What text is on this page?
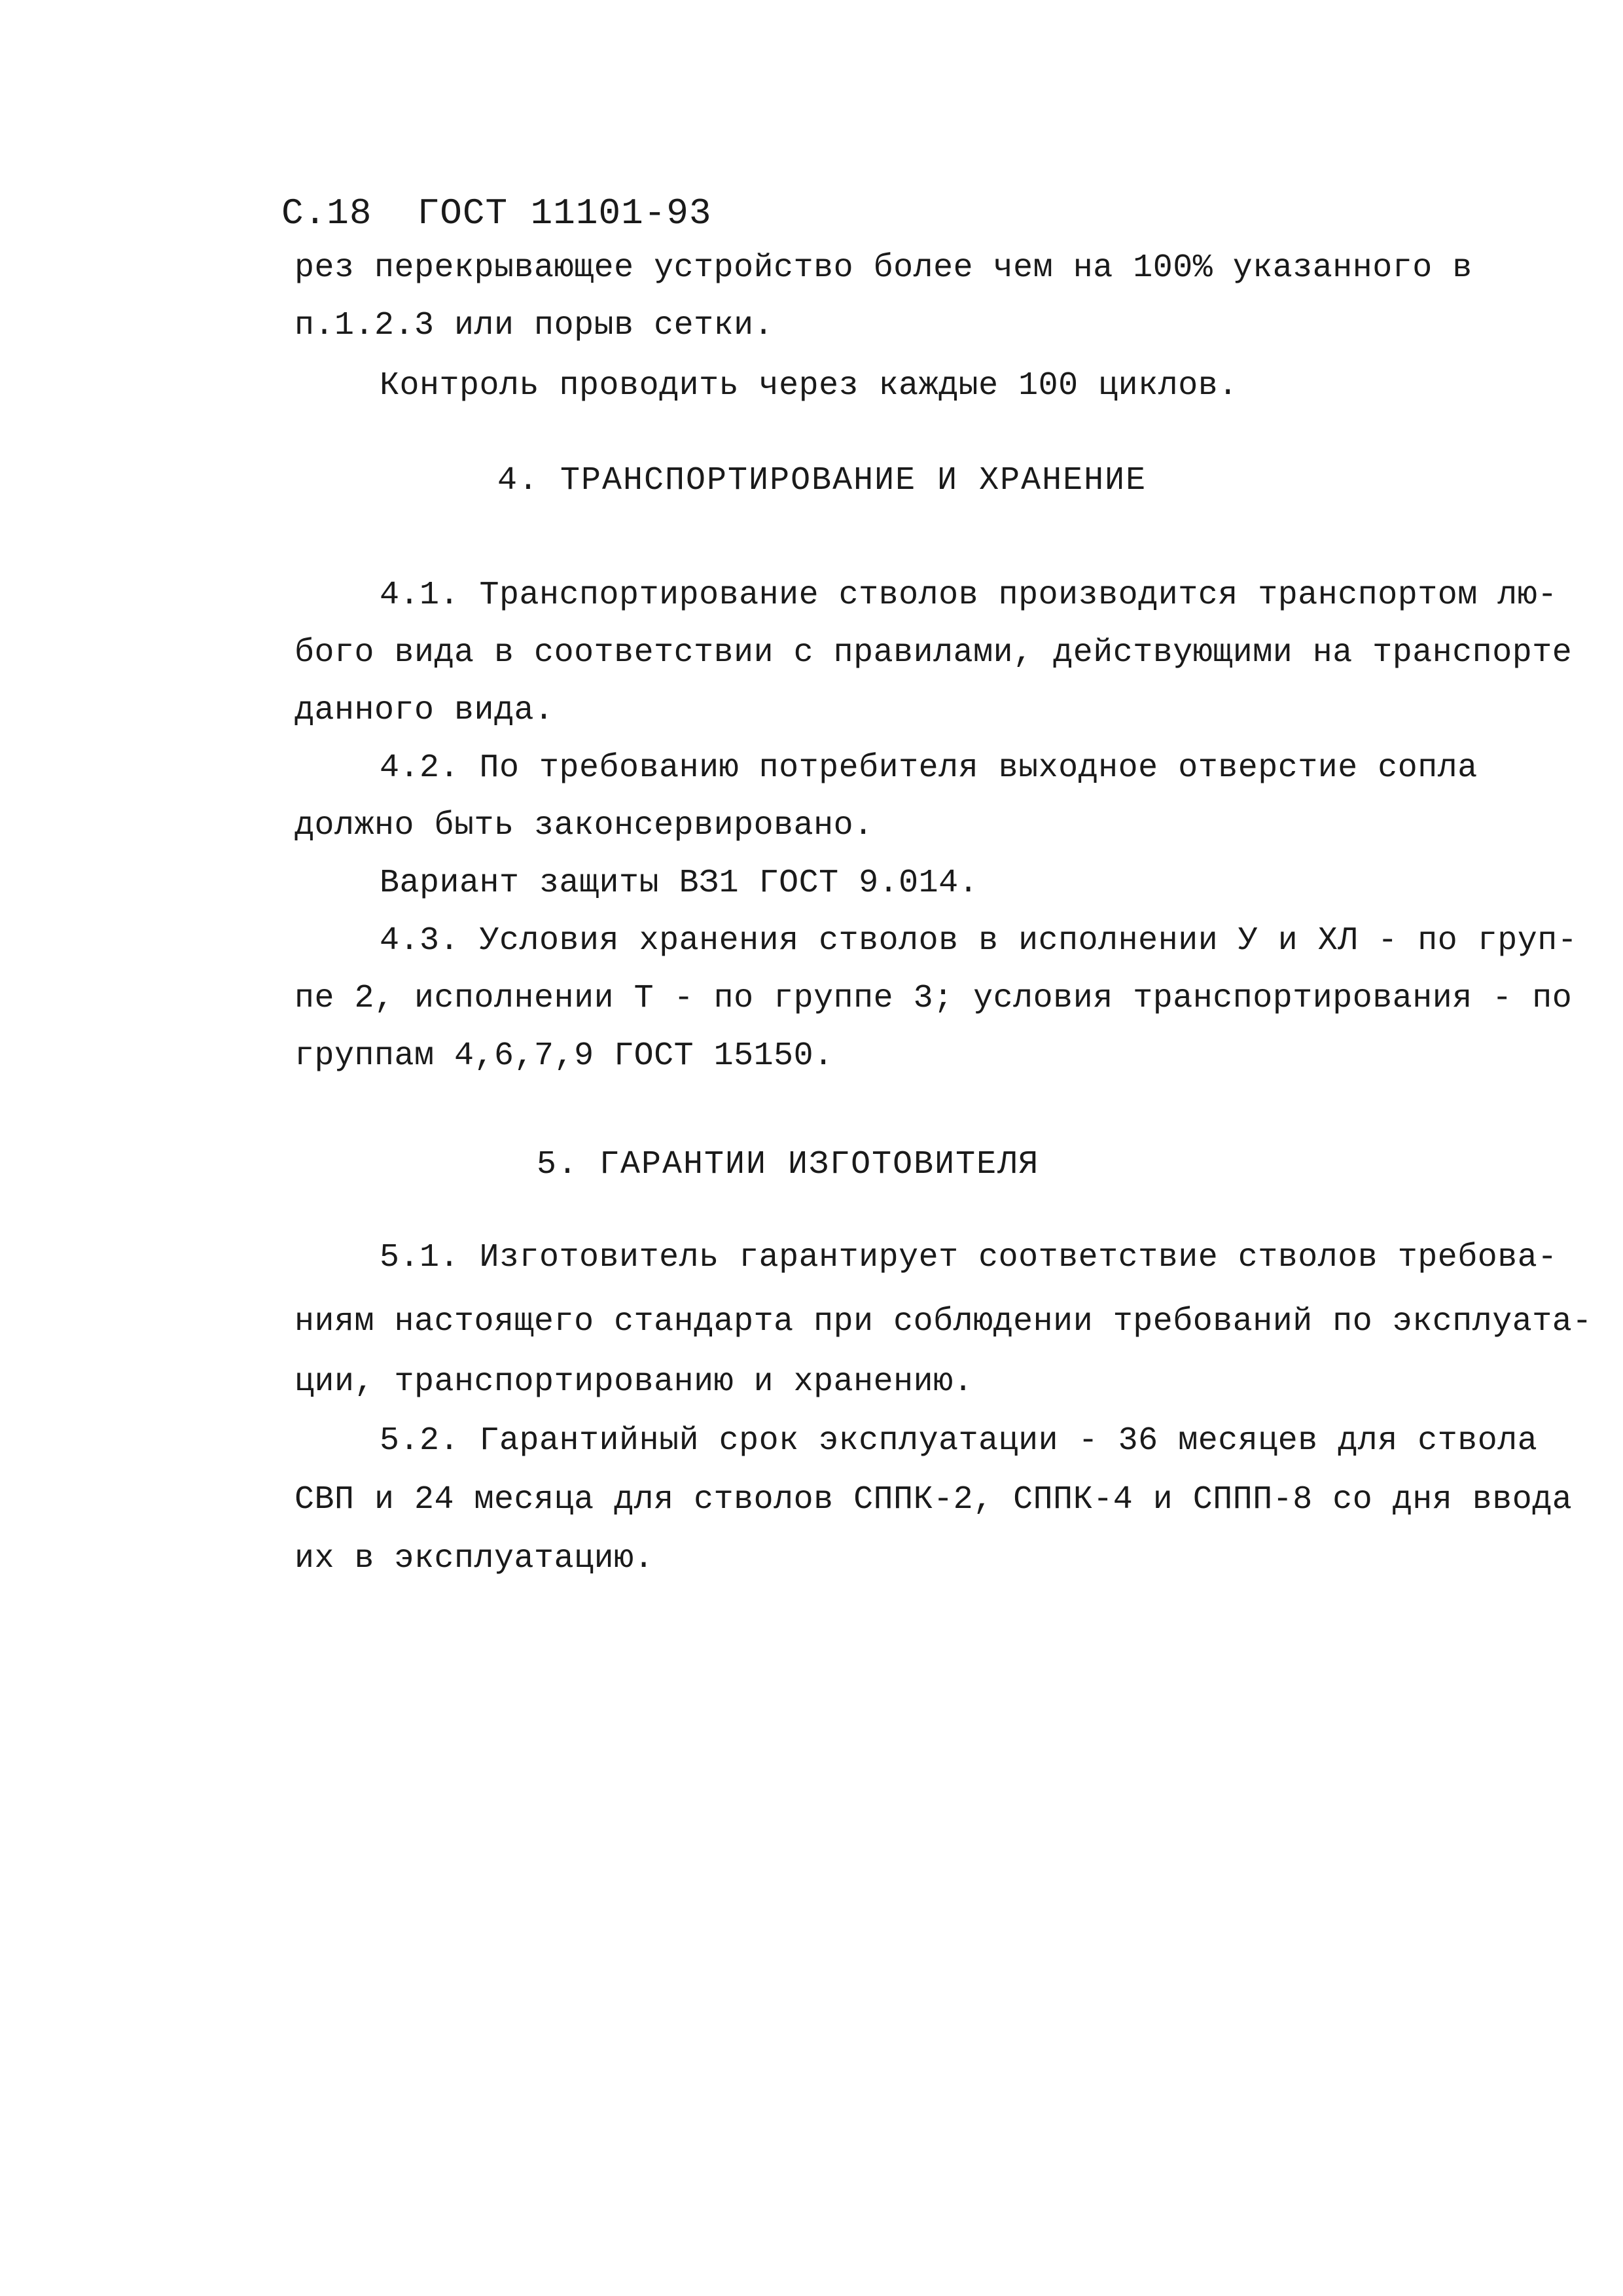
С.18 ГОСТ 11101-93
рез перекрывающее устройство более чем на 100% указанного в
п.1.2.3 или порыв сетки.
Контроль проводить через каждые 100 циклов.
4. ТРАНСПОРТИРОВАНИЕ И ХРАНЕНИЕ
4.1. Транспортирование стволов производится транспортом лю-
бого вида в соответствии с правилами, действующими на транспорте
данного вида.
4.2. По требованию потребителя выходное отверстие сопла
должно быть законсервировано.
Вариант защиты ВЗ1 ГОСТ 9.014.
4.3. Условия хранения стволов в исполнении У и ХЛ - по груп-
пе 2, исполнении Т - по группе 3; условия транспортирования - по
группам 4,6,7,9 ГОСТ 15150.
5. ГАРАНТИИ ИЗГОТОВИТЕЛЯ
5.1. Изготовитель гарантирует соответствие стволов требова-
ниям настоящего стандарта при соблюдении требований по эксплуата-
ции, транспортированию и хранению.
5.2. Гарантийный срок эксплуатации - 36 месяцев для ствола
СВП и 24 месяца для стволов СППК-2, СППК-4 и СППП-8 со дня ввода
их в эксплуатацию.
